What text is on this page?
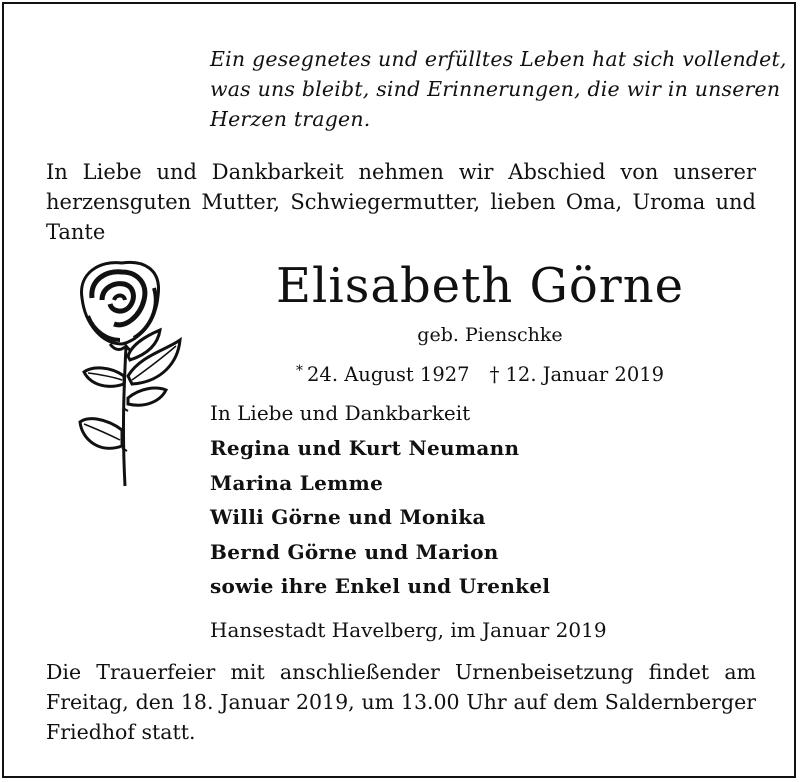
Ein gesegnetes und erfülltes Leben hat sich vollendet,
was uns bleibt, sind Erinnerungen, die wir in unseren
Herzen tragen.
In Liebe und Dankbarkeit nehmen wir Abschied von unserer herzensguten Mutter, Schwiegermutter, lieben Oma, Uroma und Tante
Elisabeth Görne
geb. Pienschke
* 24. August 1927 † 12. Januar 2019
In Liebe und Dankbarkeit
Regina und Kurt Neumann
Marina Lemme
Willi Görne und Monika
Bernd Görne und Marion
sowie ihre Enkel und Urenkel
Hansestadt Havelberg, im Januar 2019
Die Trauerfeier mit anschließender Urnenbeisetzung findet am Freitag, den 18. Januar 2019, um 13.00 Uhr auf dem Saldernberger Friedhof statt.
